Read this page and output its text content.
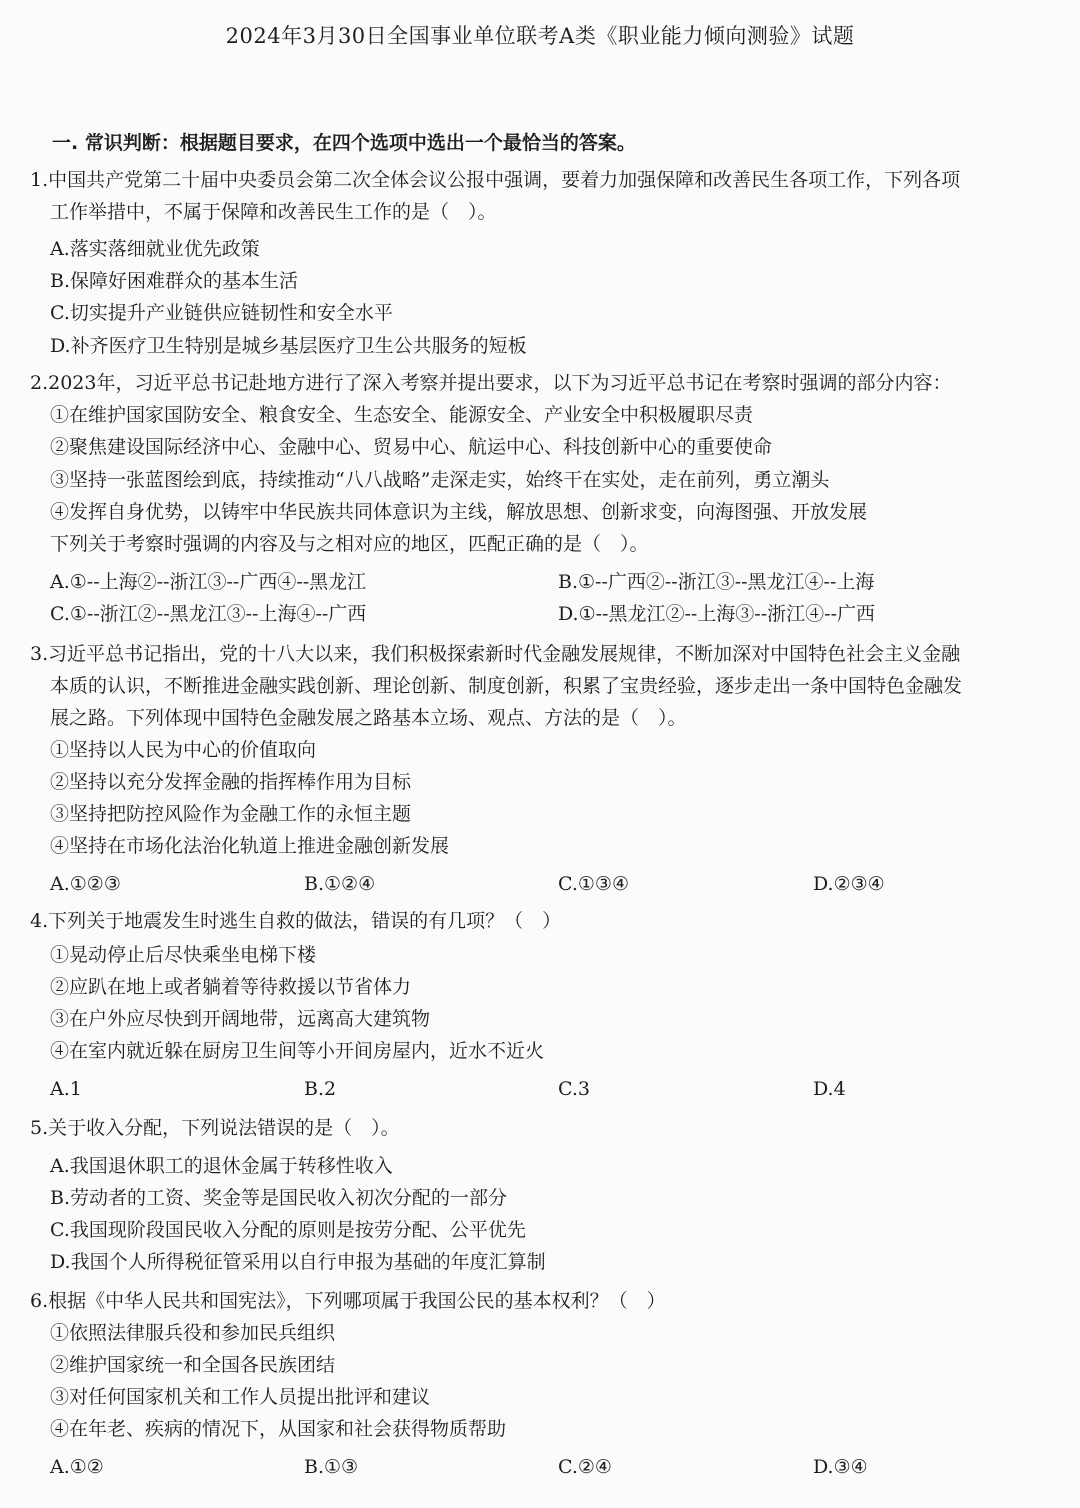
2024年3月30日全国事业单位联考A类《职业能力倾向测验》试题
一. 常识判断：根据题目要求，在四个选项中选出一个最恰当的答案。
1.中国共产党第二十届中央委员会第二次全体会议公报中强调，要着力加强保障和改善民生各项工作，下列各项
工作举措中，不属于保障和改善民生工作的是（　）。
A.落实落细就业优先政策
B.保障好困难群众的基本生活
C.切实提升产业链供应链韧性和安全水平
D.补齐医疗卫生特别是城乡基层医疗卫生公共服务的短板
2.2023年，习近平总书记赴地方进行了深入考察并提出要求，以下为习近平总书记在考察时强调的部分内容：
①在维护国家国防安全、粮食安全、生态安全、能源安全、产业安全中积极履职尽责
②聚焦建设国际经济中心、金融中心、贸易中心、航运中心、科技创新中心的重要使命
③坚持一张蓝图绘到底，持续推动“八八战略”走深走实，始终干在实处，走在前列，勇立潮头
④发挥自身优势，以铸牢中华民族共同体意识为主线，解放思想、创新求变，向海图强、开放发展
下列关于考察时强调的内容及与之相对应的地区，匹配正确的是（　）。
A.①--上海②--浙江③--广西④--黑龙江	B.①--广西②--浙江③--黑龙江④--上海
C.①--浙江②--黑龙江③--上海④--广西	D.①--黑龙江②--上海③--浙江④--广西
3.习近平总书记指出，党的十八大以来，我们积极探索新时代金融发展规律，不断加深对中国特色社会主义金融
本质的认识，不断推进金融实践创新、理论创新、制度创新，积累了宝贵经验，逐步走出一条中国特色金融发
展之路。下列体现中国特色金融发展之路基本立场、观点、方法的是（　）。
①坚持以人民为中心的价值取向
②坚持以充分发挥金融的指挥棒作用为目标
③坚持把防控风险作为金融工作的永恒主题
④坚持在市场化法治化轨道上推进金融创新发展
A.①②③	B.①②④	C.①③④	D.②③④
4.下列关于地震发生时逃生自救的做法，错误的有几项？（　）
①晃动停止后尽快乘坐电梯下楼
②应趴在地上或者躺着等待救援以节省体力
③在户外应尽快到开阔地带，远离高大建筑物
④在室内就近躲在厨房卫生间等小开间房屋内，近水不近火
A.1	B.2	C.3	D.4
5.关于收入分配，下列说法错误的是（　）。
A.我国退休职工的退休金属于转移性收入
B.劳动者的工资、奖金等是国民收入初次分配的一部分
C.我国现阶段国民收入分配的原则是按劳分配、公平优先
D.我国个人所得税征管采用以自行申报为基础的年度汇算制
6.根据《中华人民共和国宪法》，下列哪项属于我国公民的基本权利？（　）
①依照法律服兵役和参加民兵组织
②维护国家统一和全国各民族团结
③对任何国家机关和工作人员提出批评和建议
④在年老、疾病的情况下，从国家和社会获得物质帮助
A.①②	B.①③	C.②④	D.③④
